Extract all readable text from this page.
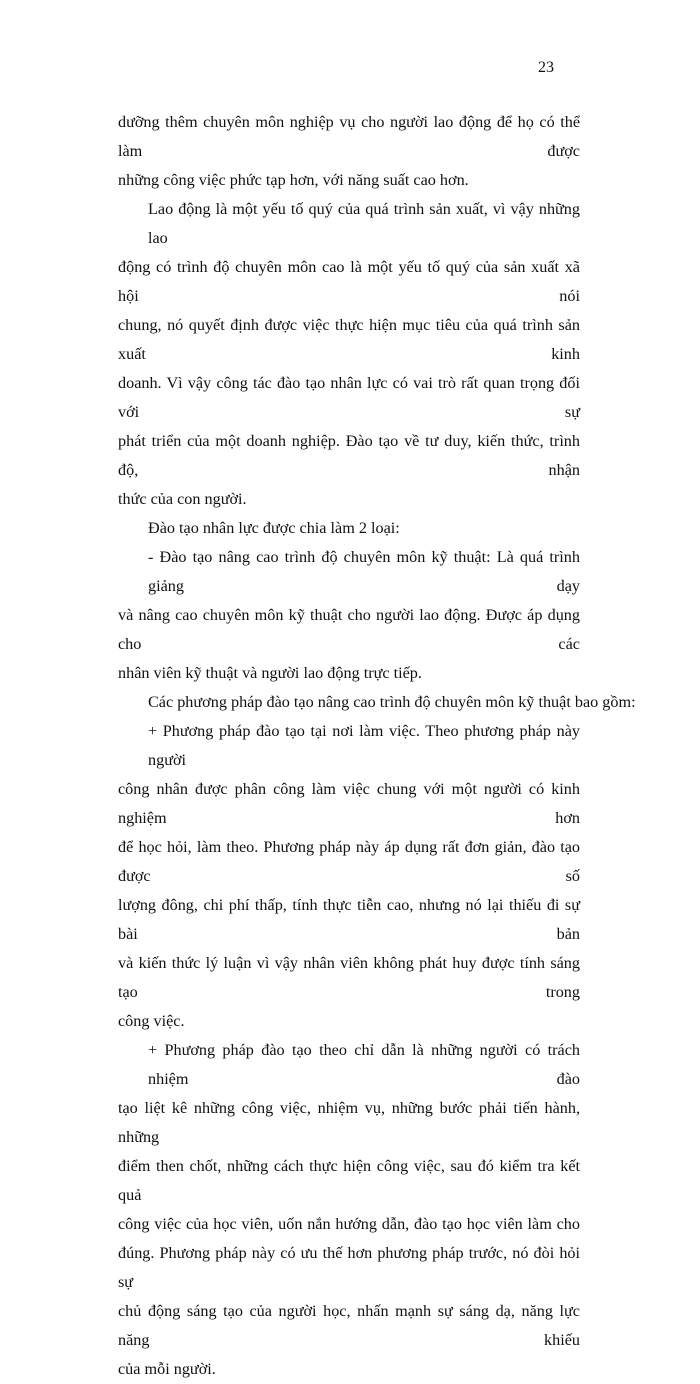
23

dưỡng thêm chuyên môn nghiệp vụ cho người lao động để họ có thể làm được
những công việc phức tạp hơn, với năng suất cao hơn.

Lao động là một yếu tố quý của quá trình sản xuất, vì vậy những lao
động có trình độ chuyên môn cao là một yếu tố quý của sản xuất xã hội nói
chung, nó quyết định được việc thực hiện mục tiêu của quá trình sản xuất kinh
doanh. Vì vậy công tác đào tạo nhân lực có vai trò rất quan trọng đối với sự
phát triển của một doanh nghiệp. Đào tạo về tư duy, kiến thức, trình độ, nhận
thức của con người.

Đào tạo nhân lực được chia làm 2 loại:

- Đào tạo nâng cao trình độ chuyên môn kỹ thuật: Là quá trình giảng dạy
và nâng cao chuyên môn kỹ thuật cho người lao động. Được áp dụng cho các
nhân viên kỹ thuật và người lao động trực tiếp.

Các phương pháp đào tạo nâng cao trình độ chuyên môn kỹ thuật bao gồm:

+ Phương pháp đào tạo tại nơi làm việc. Theo phương pháp này người
công nhân được phân công làm việc chung với một người có kinh nghiệm hơn
để học hỏi, làm theo. Phương pháp này áp dụng rất đơn giản, đào tạo được số
lượng đông, chi phí thấp, tính thực tiễn cao, nhưng nó lại thiếu đi sự bài bản
và kiến thức lý luận vì vậy nhân viên không phát huy được tính sáng tạo trong
công việc.

+ Phương pháp đào tạo theo chỉ dẫn là những người có trách nhiệm đào
tạo liệt kê những công việc, nhiệm vụ, những bước phải tiến hành, những
điểm then chốt, những cách thực hiện công việc, sau đó kiểm tra kết quả
công việc của học viên, uốn nắn hướng dẫn, đào tạo học viên làm cho
đúng. Phương pháp này có ưu thế hơn phương pháp trước, nó đòi hỏi sự
chủ động sáng tạo của người học, nhấn mạnh sự sáng dạ, năng lực năng khiếu
của mỗi người.
